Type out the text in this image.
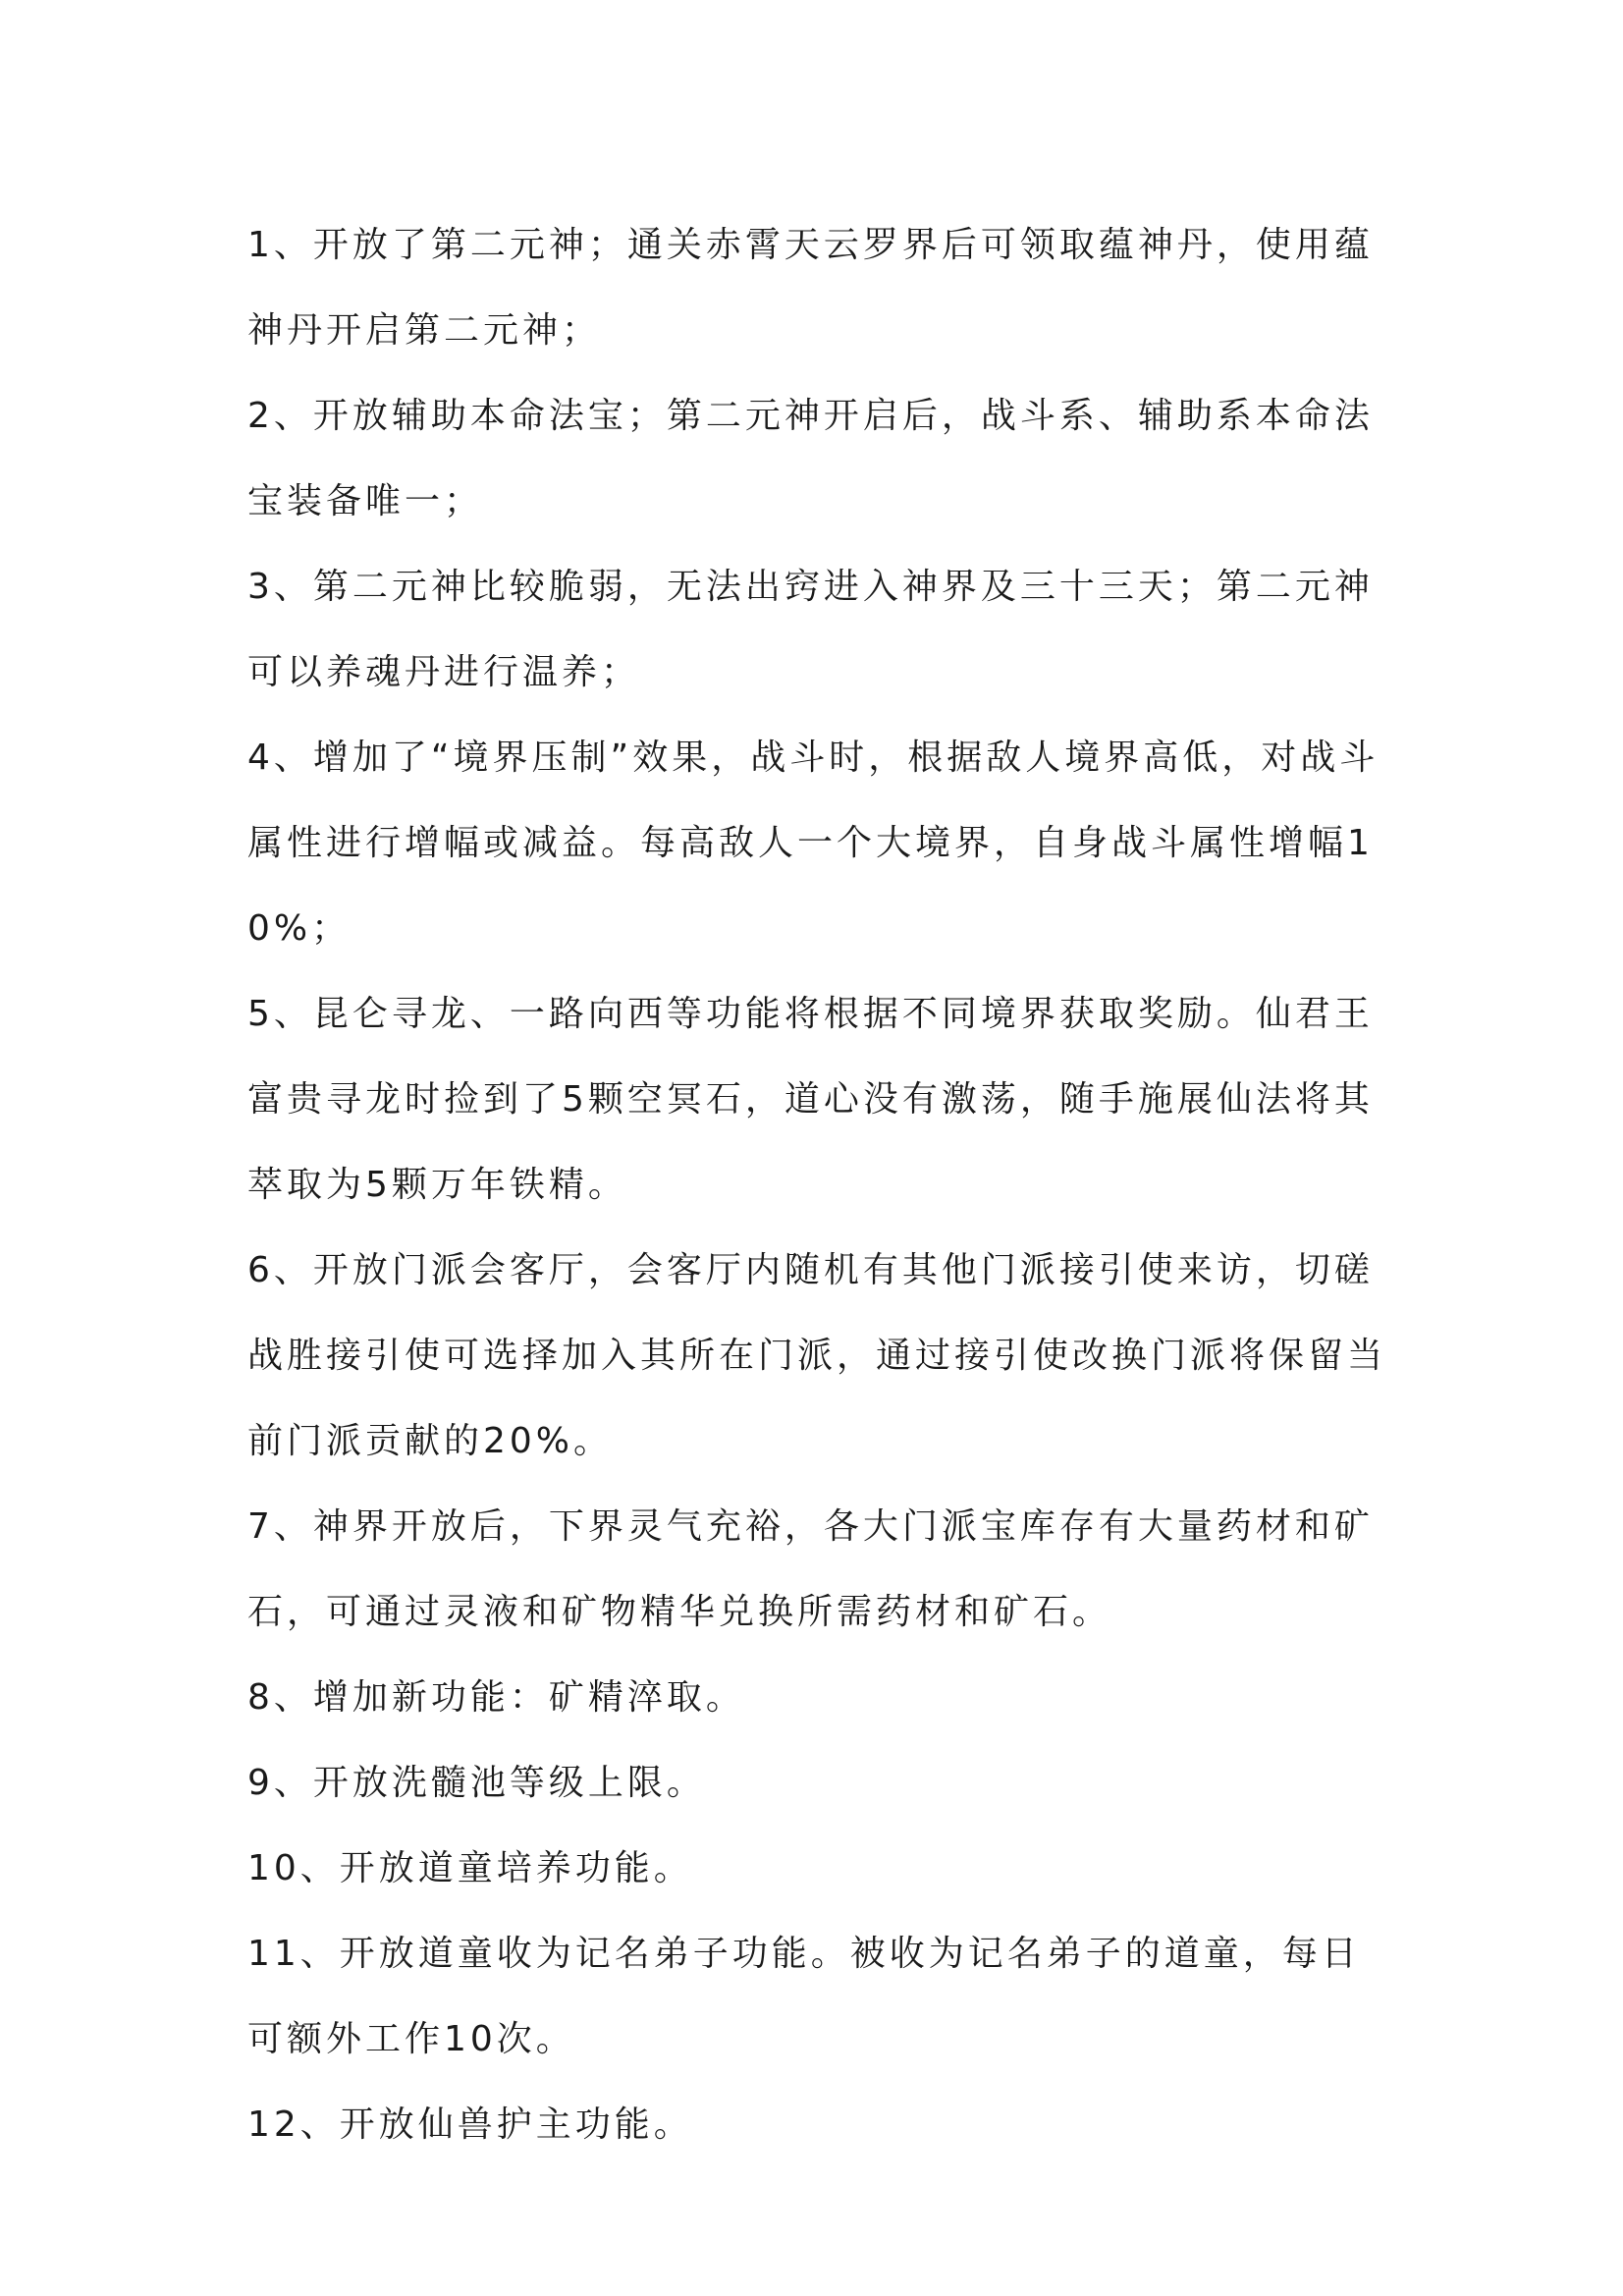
1、开放了第二元神；通关赤霄天云罗界后可领取蕴神丹，使用蕴神丹开启第二元神；

2、开放辅助本命法宝；第二元神开启后，战斗系、辅助系本命法宝装备唯一；

3、第二元神比较脆弱，无法出窍进入神界及三十三天；第二元神可以养魂丹进行温养；

4、增加了“境界压制”效果，战斗时，根据敌人境界高低，对战斗属性进行增幅或减益。每高敌人一个大境界，自身战斗属性增幅10%；

5、昆仑寻龙、一路向西等功能将根据不同境界获取奖励。仙君王富贵寻龙时捡到了5颗空冥石，道心没有激荡，随手施展仙法将其萃取为5颗万年铁精。

6、开放门派会客厅，会客厅内随机有其他门派接引使来访，切磋战胜接引使可选择加入其所在门派，通过接引使改换门派将保留当前门派贡献的20%。

7、神界开放后，下界灵气充裕，各大门派宝库存有大量药材和矿石，可通过灵液和矿物精华兑换所需药材和矿石。

8、增加新功能：矿精淬取。

9、开放洗髓池等级上限。

10、开放道童培养功能。

11、开放道童收为记名弟子功能。被收为记名弟子的道童，每日可额外工作10次。

12、开放仙兽护主功能。
